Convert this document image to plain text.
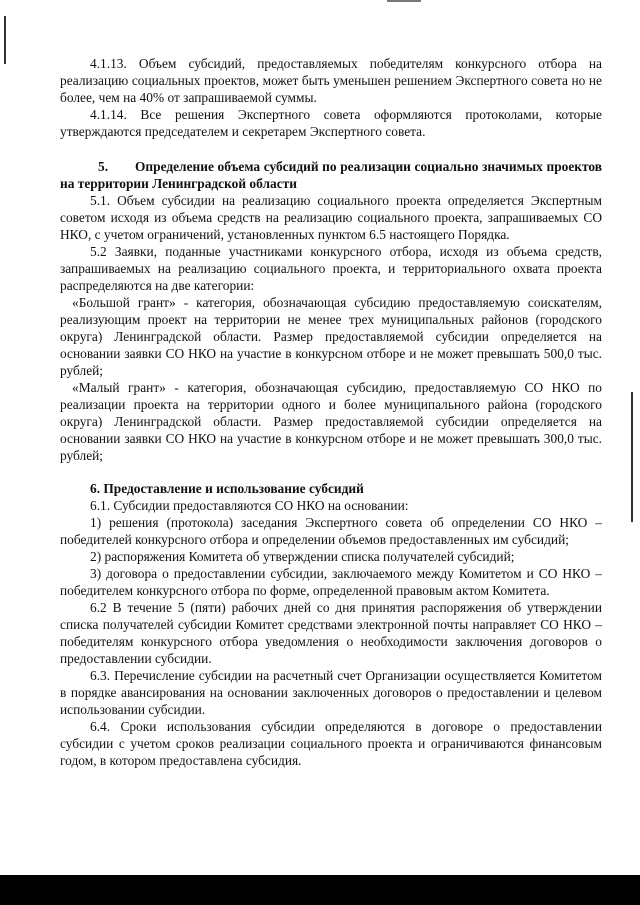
4.1.13. Объем субсидий, предоставляемых победителям конкурсного отбора на реализацию социальных проектов, может быть уменьшен решением Экспертного совета но не более, чем на 40% от запрашиваемой суммы.

4.1.14. Все решения Экспертного совета оформляются протоколами, которые утверждаются председателем и секретарем Экспертного совета.

5. Определение объема субсидий по реализации социально значимых проектов на территории Ленинградской области

5.1. Объем субсидии на реализацию социального проекта определяется Экспертным советом исходя из объема средств на реализацию социального проекта, запрашиваемых СО НКО, с учетом ограничений, установленных пунктом 6.5 настоящего Порядка.

5.2 Заявки, поданные участниками конкурсного отбора, исходя из объема средств, запрашиваемых на реализацию социального проекта, и территориального охвата проекта распределяются на две категории:

«Большой грант» - категория, обозначающая субсидию предоставляемую соискателям, реализующим проект на территории не менее трех муниципальных районов (городского округа) Ленинградской области. Размер предоставляемой субсидии определяется на основании заявки СО НКО на участие в конкурсном отборе и не может превышать 500,0 тыс. рублей;

«Малый грант» - категория, обозначающая субсидию, предоставляемую СО НКО по реализации проекта на территории одного и более муниципального района (городского округа) Ленинградской области. Размер предоставляемой субсидии определяется на основании заявки СО НКО на участие в конкурсном отборе и не может превышать 300,0 тыс. рублей;

6. Предоставление и использование субсидий

6.1. Субсидии предоставляются СО НКО на основании:

1) решения (протокола) заседания Экспертного совета об определении СО НКО – победителей конкурсного отбора и определении объемов предоставленных им субсидий;

2) распоряжения Комитета об утверждении списка получателей субсидий;

3) договора о предоставлении субсидии, заключаемого между Комитетом и СО НКО – победителем конкурсного отбора по форме, определенной правовым актом Комитета.

6.2 В течение 5 (пяти) рабочих дней со дня принятия распоряжения об утверждении списка получателей субсидии Комитет средствами электронной почты направляет СО НКО – победителям конкурсного отбора уведомления о необходимости заключения договоров о предоставлении субсидии.

6.3. Перечисление субсидии на расчетный счет Организации осуществляется Комитетом в порядке авансирования на основании заключенных договоров о предоставлении и целевом использовании субсидии.

6.4. Сроки использования субсидии определяются в договоре о предоставлении субсидии с учетом сроков реализации социального проекта и ограничиваются финансовым годом, в котором предоставлена субсидия.
